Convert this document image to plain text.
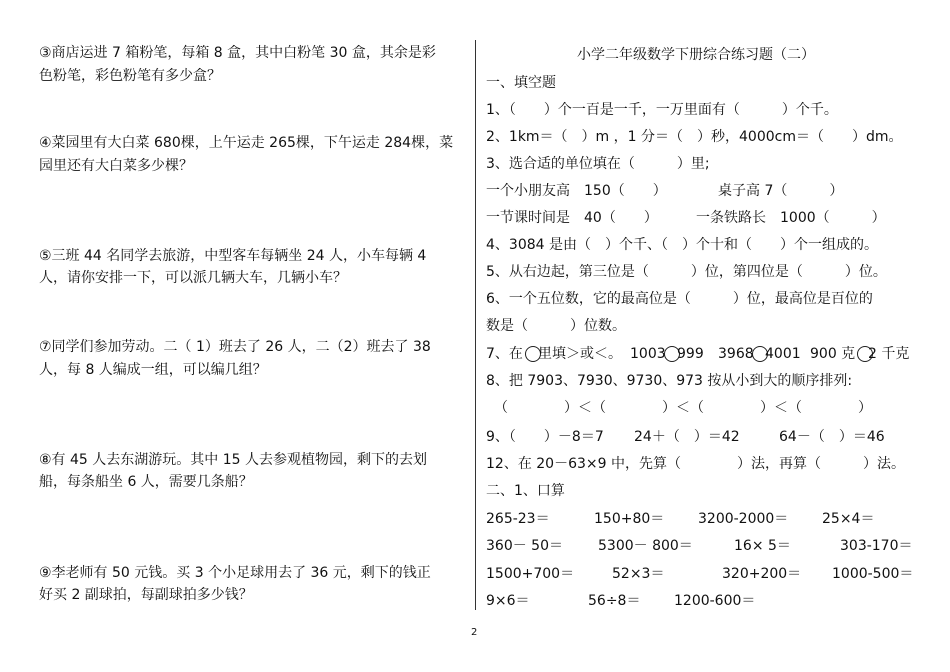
③商店运进 7 箱粉笔，每箱 8 盒，其中白粉笔 30 盒，其余是彩
色粉笔，彩色粉笔有多少盒？
④菜园里有大白菜 680棵，上午运走 265棵，下午运走 284棵，菜
园里还有大白菜多少棵？
⑤三班 44 名同学去旅游，中型客车每辆坐 24 人，小车每辆 4
人，请你安排一下，可以派几辆大车，几辆小车？
⑦同学们参加劳动。二（ 1）班去了 26 人，二（2）班去了 38
人，每 8 人编成一组，可以编几组？
⑧有 45 人去东湖游玩。其中 15 人去参观植物园，剩下的去划
船，每条船坐 6 人，需要几条船？
⑨李老师有 50 元钱。买 3 个小足球用去了 36 元，剩下的钱正
好买 2 副球拍，每副球拍多少钱？
小学二年级数学下册综合练习题（二）
一、填空题
1、（　　）个一百是一千，一万里面有（　　　）个千。
2、1km＝（　）m ，1 分＝（　）秒，4000cm＝（　　）dm。
3、选合适的单位填在（　　　）里;
一个小朋友高　150（　　）	桌子高 7（　　　）
一节课时间是　40（　　）	一条铁路长　1000（　　　）
4、3084 是由（　）个千、（　）个十和（　　）个一组成的。
5、从右边起，第三位是（　　　）位，第四位是（　　　）位。
6、一个五位数，它的最高位是（　　　）位，最高位是百位的
数是（　　　）位数。
7、在 里填＞或＜。 1003 999 3968 4001 900 克 2 千克
8、把 7903、7930、9730、973 按从小到大的顺序排列:
（　　　　）＜（　　　　）＜（　　　　）＜（　　　　）
9、（　　）－8＝7 24＋（　）＝42	64－（　）＝46
12、在 20－63×9 中，先算（　　　　）法，再算（　　　）法。
二、1、口算
265-23＝	150+80＝ 3200-2000＝ 25×4＝
360－ 50＝	5300－ 800＝	16× 5＝	303-170＝
1500+700＝	52×3＝	320+200＝ 1000-500＝
9×6＝	56÷8＝ 1200-600＝
2
